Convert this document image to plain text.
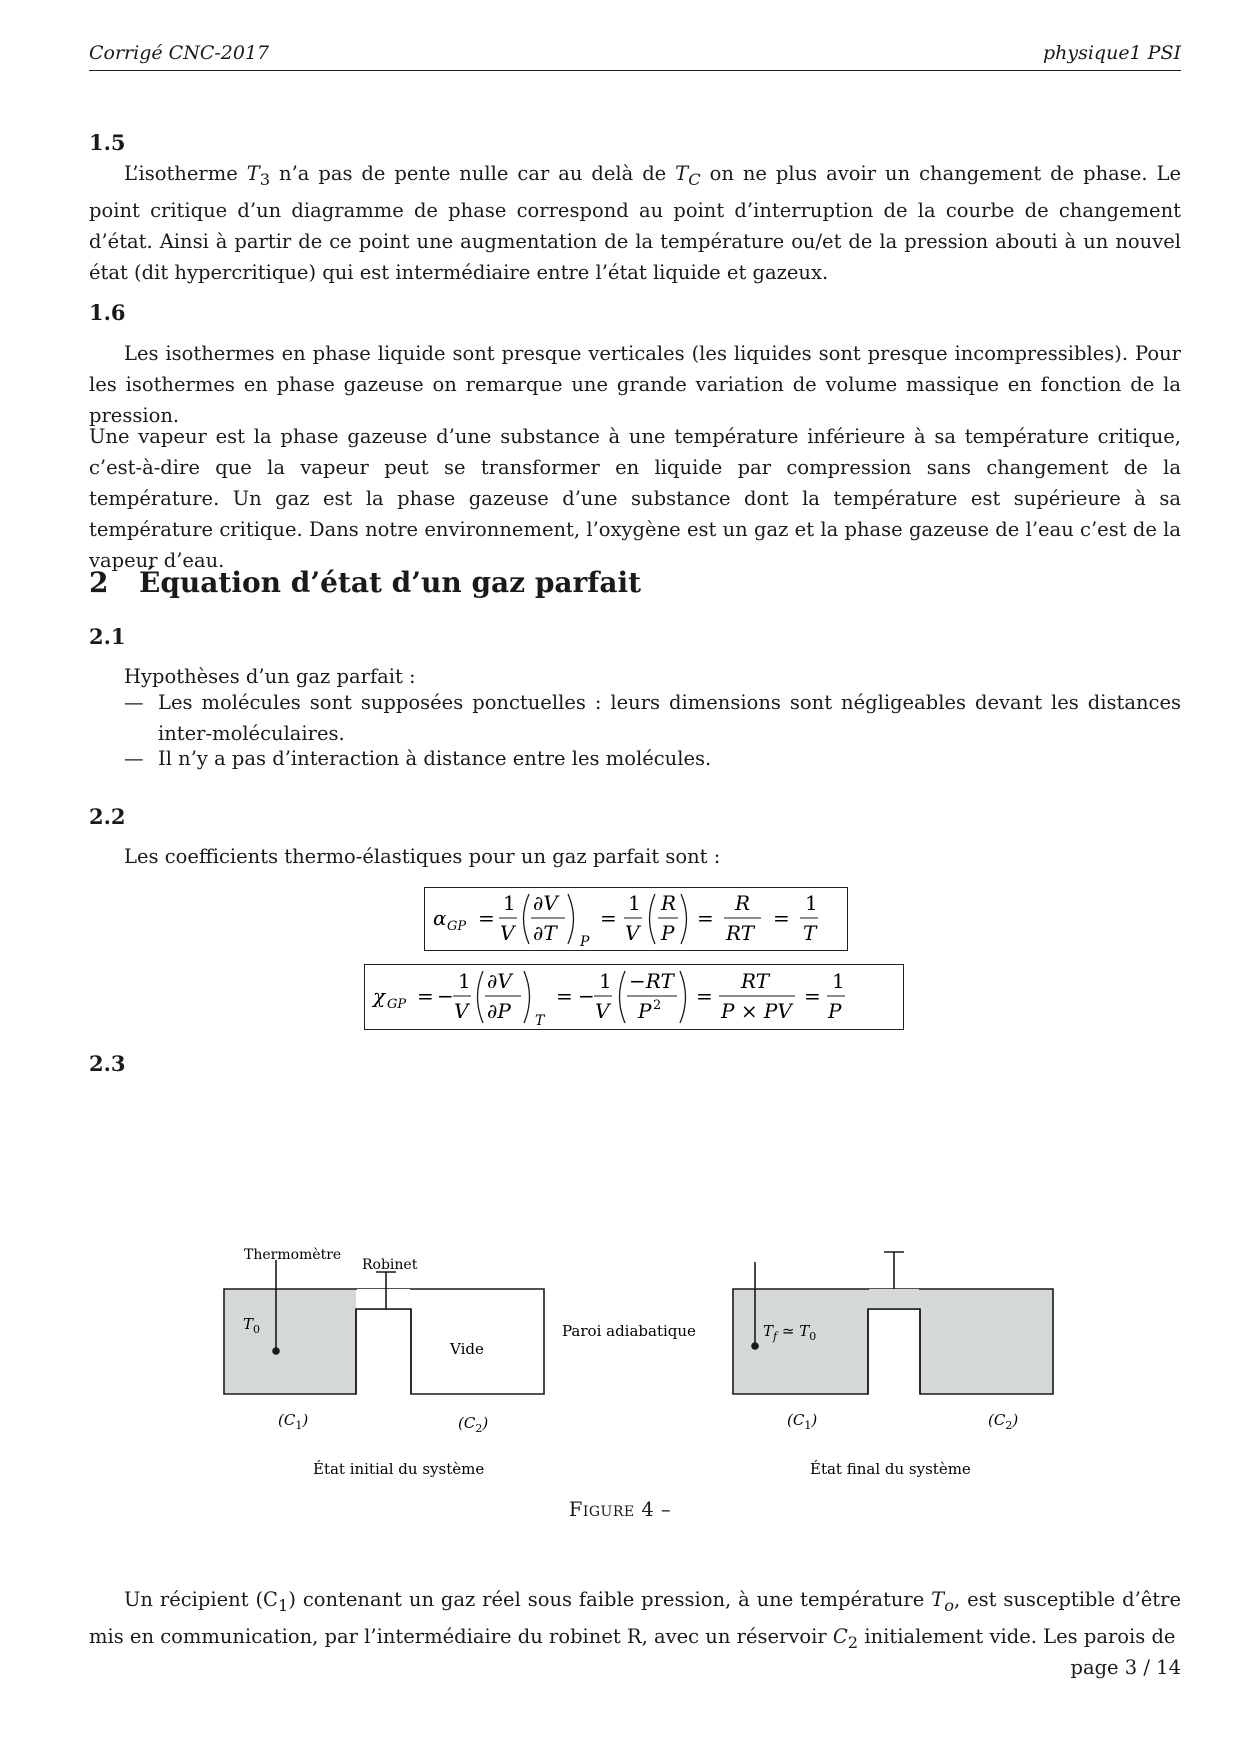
Corrigé CNC-2017	physique1 PSI
1.5
L’isotherme $T_3$ n’a pas de pente nulle car au delà de $T_C$ on ne plus avoir un changement de phase. Le point critique d’un diagramme de phase correspond au point d’interruption de la courbe de changement d’état. Ainsi à partir de ce point une augmentation de la température ou/et de la pression abouti à un nouvel état (dit hypercritique) qui est intermédiaire entre l’état liquide et gazeux.
1.6
Les isothermes en phase liquide sont presque verticales (les liquides sont presque incompressibles). Pour les isothermes en phase gazeuse on remarque une grande variation de volume massique en fonction de la pression.
Une vapeur est la phase gazeuse d’une substance à une température inférieure à sa température critique, c’est-à-dire que la vapeur peut se transformer en liquide par compression sans changement de la température. Un gaz est la phase gazeuse d’une substance dont la température est supérieure à sa température critique. Dans notre environnement, l’oxygène est un gaz et la phase gazeuse de l’eau c’est de la vapeur d’eau.
2 Équation d’état d’un gaz parfait
2.1
Hypothèses d’un gaz parfait :
— Les molécules sont supposées ponctuelles : leurs dimensions sont négligeables devant les distances inter-moléculaires.
— Il n’y a pas d’interaction à distance entre les molécules.
2.2
Les coefficients thermo-élastiques pour un gaz parfait sont :
α GP =
1
V
∂V
∂T P
=
1
V
R
P
=
R
RT
=
1
T
χ GP = −
1
V
∂V
∂P T
= −
1
V
−RT
P 2 =
RT
P × PV
=
1
P
2.3
Thermomètre
Robinet
$T_0$
Vide
$(C_1)$	$(C_2)$
État initial du système
Paroi adiabatique	$T_f$ ≃ $T_0$
$(C_1)$	$(C_2)$
État final du système
Figure 4 –
Un récipient $(C_1)$ contenant un gaz réel sous faible pression, à une température $T_o$, est susceptible d’être mis en communication, par l’intermédiaire du robinet R, avec un réservoir $C_2$ initialement vide. Les parois de
page 3 / 14
